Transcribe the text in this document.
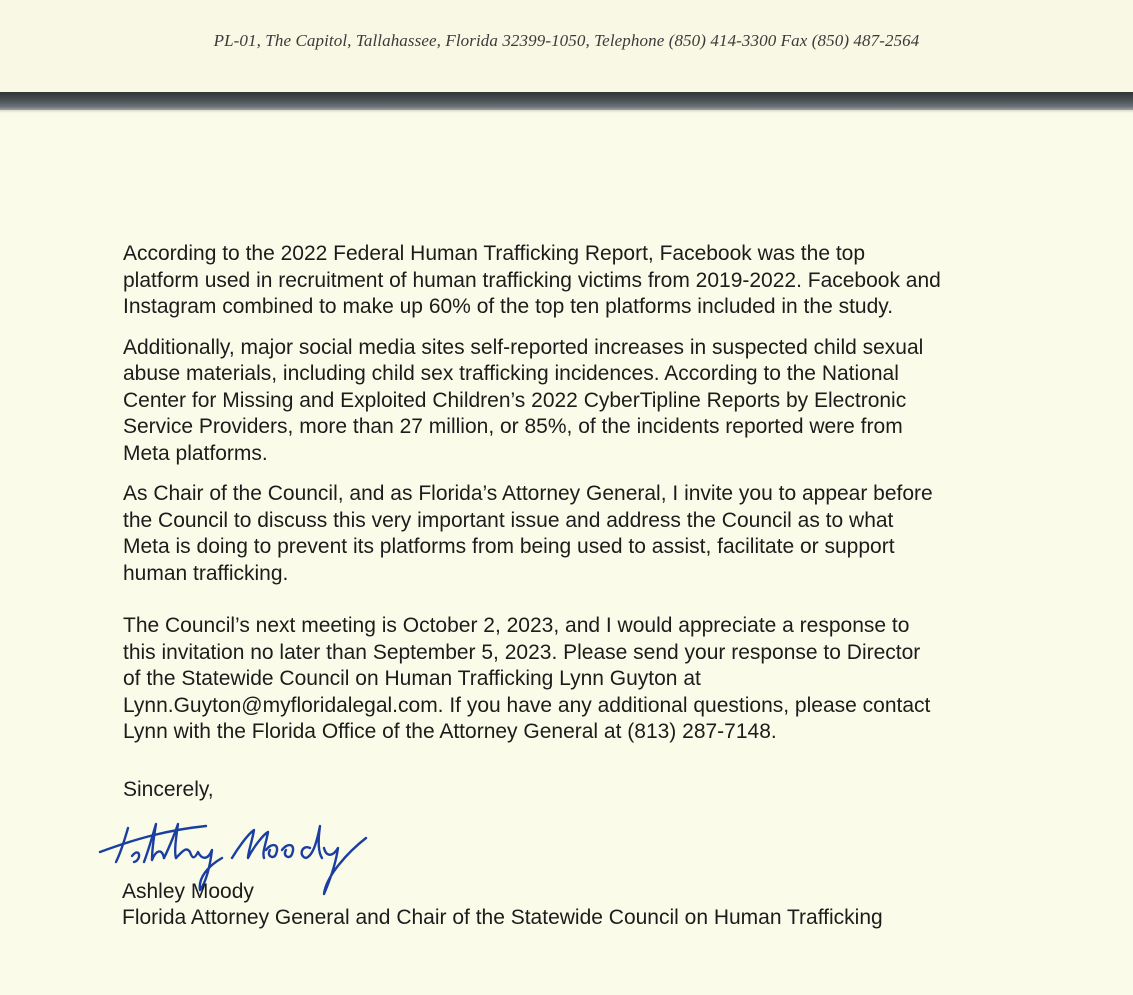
PL-01, The Capitol, Tallahassee, Florida 32399-1050, Telephone (850) 414-3300 Fax (850) 487-2564

According to the 2022 Federal Human Trafficking Report, Facebook was the top
platform used in recruitment of human trafficking victims from 2019-2022. Facebook and
Instagram combined to make up 60% of the top ten platforms included in the study.

Additionally, major social media sites self-reported increases in suspected child sexual
abuse materials, including child sex trafficking incidences. According to the National
Center for Missing and Exploited Children’s 2022 CyberTipline Reports by Electronic
Service Providers, more than 27 million, or 85%, of the incidents reported were from
Meta platforms.

As Chair of the Council, and as Florida’s Attorney General, I invite you to appear before
the Council to discuss this very important issue and address the Council as to what
Meta is doing to prevent its platforms from being used to assist, facilitate or support
human trafficking.

The Council’s next meeting is October 2, 2023, and I would appreciate a response to
this invitation no later than September 5, 2023. Please send your response to Director
of the Statewide Council on Human Trafficking Lynn Guyton at
Lynn.Guyton@myfloridalegal.com. If you have any additional questions, please contact
Lynn with the Florida Office of the Attorney General at (813) 287-7148.

Sincerely,
Ashley Moody
Florida Attorney General and Chair of the Statewide Council on Human Trafficking
